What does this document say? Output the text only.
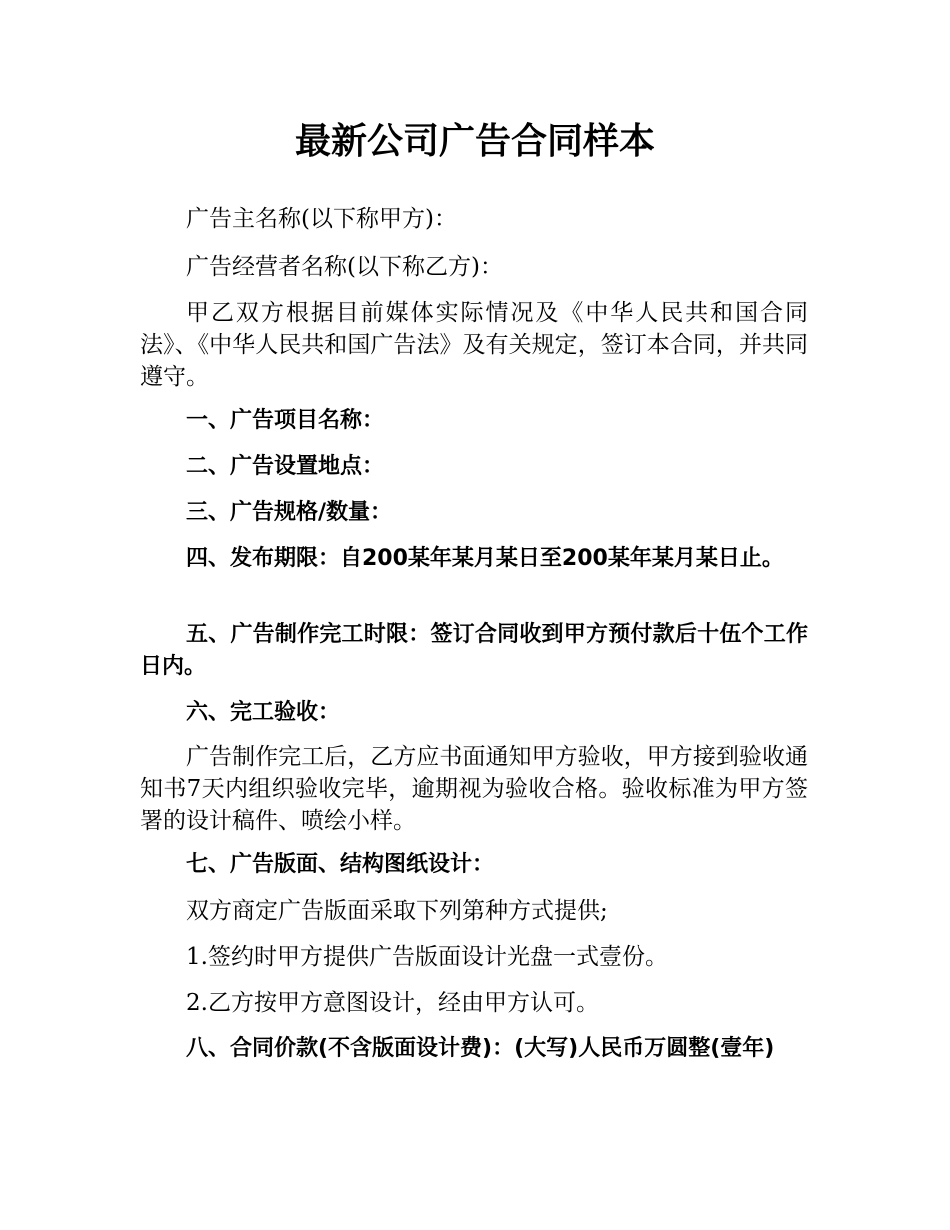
最新公司广告合同样本

广告主名称(以下称甲方)：

广告经营者名称(以下称乙方)：

甲乙双方根据目前媒体实际情况及《中华人民共和国合同法》、《中华人民共和国广告法》及有关规定，签订本合同，并共同遵守。

一、广告项目名称：

二、广告设置地点：

三、广告规格/数量：

四、发布期限：自200某年某月某日至200某年某月某日止。

五、广告制作完工时限：签订合同收到甲方预付款后十伍个工作日内。

六、完工验收：

广告制作完工后，乙方应书面通知甲方验收，甲方接到验收通知书7天内组织验收完毕，逾期视为验收合格。验收标准为甲方签署的设计稿件、喷绘小样。

七、广告版面、结构图纸设计：

双方商定广告版面采取下列第种方式提供;

1.签约时甲方提供广告版面设计光盘一式壹份。

2.乙方按甲方意图设计，经由甲方认可。

八、合同价款(不含版面设计费)：(大写)人民币万圆整(壹年)
